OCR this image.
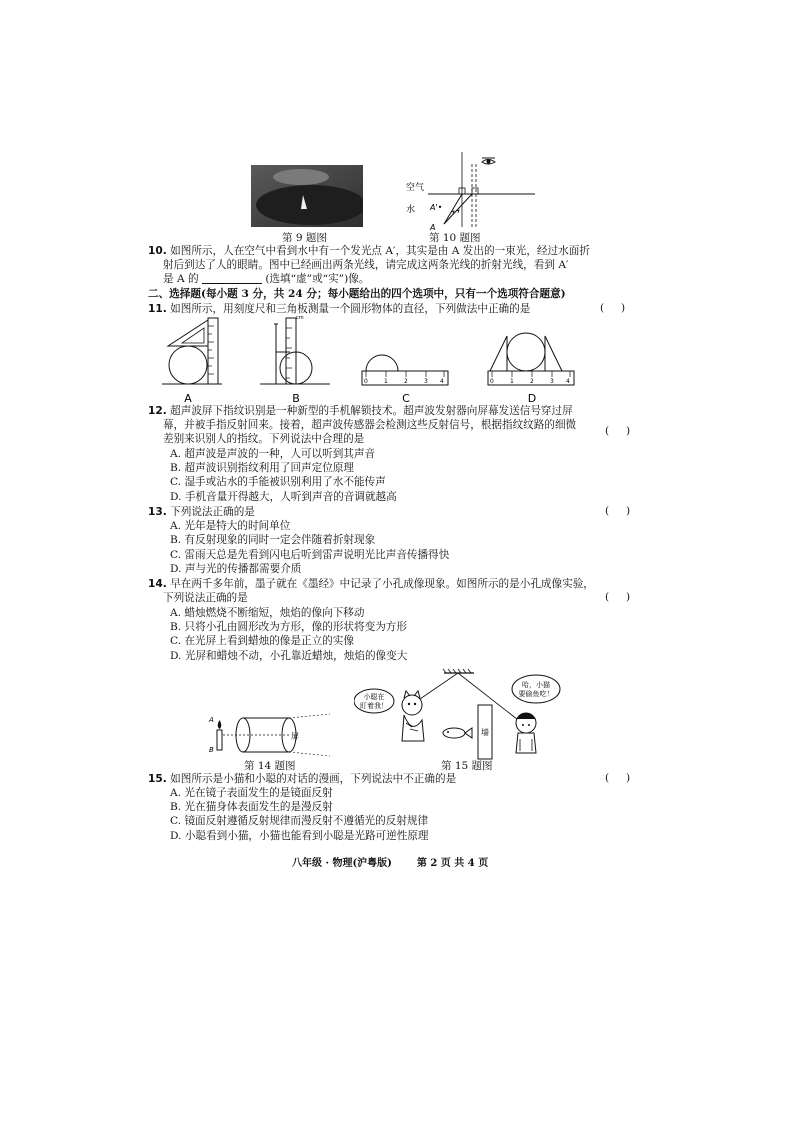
第 9 题图
空气
水 A'•
A
第 10 题图
10. 如图所示，人在空气中看到水中有一个发光点 A′，其实是由 A 发出的一束光，经过水面折
射后到达了人的眼睛。图中已经画出两条光线，请完成这两条光线的折射光线，看到 A′
是 A 的	(选填“虚”或“实”)像。
二、选择题(每小题 3 分，共 24 分；每小题给出的四个选项中，只有一个选项符合题意)
11. 如图所示，用刻度尺和三角板测量一个圆形物体的直径，下列做法中正确的是	(     )
0	1	2	3 4	0	1	2	3 4
cm
A	B	C	D
12. 超声波屏下指纹识别是一种新型的手机解锁技术。超声波发射器向屏幕发送信号穿过屏
幕，并被手指反射回来。接着，超声波传感器会检测这些反射信号，根据指纹纹路的细微
差别来识别人的指纹。下列说法中合理的是
(     )
A. 超声波是声波的一种，人可以听到其声音
B. 超声波识别指纹利用了回声定位原理
C. 湿手或沾水的手能被识别利用了水不能传声
D. 手机音量开得越大，人听到声音的音调就越高
13. 下列说法正确的是	(     )
A. 光年是特大的时间单位
B. 有反射现象的同时一定会伴随着折射现象
C. 雷雨天总是先看到闪电后听到雷声说明光比声音传播得快
D. 声与光的传播都需要介质
14. 早在两千多年前，墨子就在《墨经》中记录了小孔成像现象。如图所示的是小孔成像实验，
下列说法正确的是	(     )
A. 蜡烛燃烧不断缩短，烛焰的像向下移动
B. 只将小孔由圆形改为方形，像的形状将变为方形
C. 在光屏上看到蜡烛的像是正立的实像
D. 光屏和蜡烛不动，小孔靠近蜡烛，烛焰的像变大
A
B
屏
第 14 题图
小聪在
盯着我！
墙
哈，小猫
要偷鱼吃！
第 15 题图
15. 如图所示是小猫和小聪的对话的漫画，下列说法中不正确的是	(     )
A. 光在镜子表面发生的是镜面反射
B. 光在猫身体表面发生的是漫反射
C. 镜面反射遵循反射规律而漫反射不遵循光的反射规律
D. 小聪看到小猫，小猫也能看到小聪是光路可逆性原理
八年级 · 物理(沪粤版) 第 2 页 共 4 页
